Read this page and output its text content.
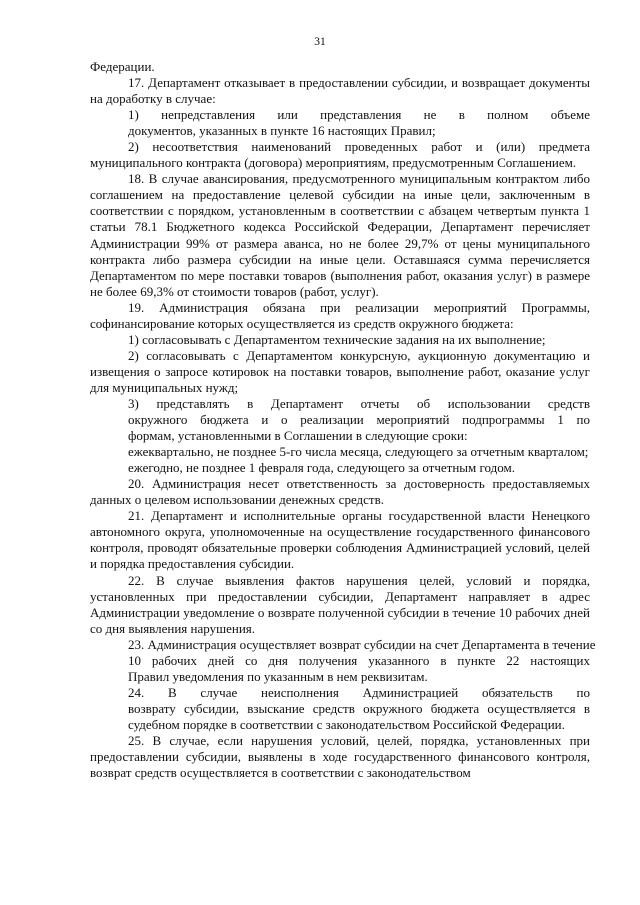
31
Федерации.
17. Департамент отказывает в предоставлении субсидии, и возвращает документы на доработку в случае:
1) непредставления или представления не в полном объеме
документов, указанных в пункте 16 настоящих Правил;
2) несоответствия наименований проведенных работ и (или) предмета муниципального контракта (договора) мероприятиям, предусмотренным Соглашением.
18. В случае авансирования, предусмотренного муниципальным контрактом либо соглашением на предоставление целевой субсидии на иные цели, заключенным в соответствии с порядком, установленным в соответствии с абзацем четвертым пункта 1 статьи 78.1 Бюджетного кодекса Российской Федерации, Департамент перечисляет Администрации 99% от размера аванса, но не более 29,7% от цены муниципального контракта либо размера субсидии на иные цели. Оставшаяся сумма перечисляется Департаментом по мере поставки товаров (выполнения работ, оказания услуг) в размере не более 69,3% от стоимости товаров (работ, услуг).
19. Администрация обязана при реализации мероприятий Программы, софинансирование которых осуществляется из средств окружного бюджета:
1) согласовывать с Департаментом технические задания на их выполнение;
2) согласовывать с Департаментом конкурсную, аукционную документацию и извещения о запросе котировок на поставки товаров, выполнение работ, оказание услуг для муниципальных нужд;
3) представлять в Департамент отчеты об использовании средств
окружного бюджета и о реализации мероприятий подпрограммы 1 по
формам, установленными в Соглашении в следующие сроки:
ежеквартально, не позднее 5-го числа месяца, следующего за отчетным кварталом;
ежегодно, не позднее 1 февраля года, следующего за отчетным годом.
20. Администрация несет ответственность за достоверность предоставляемых данных о целевом использовании денежных средств.
21. Департамент и исполнительные органы государственной власти Ненецкого автономного округа, уполномоченные на осуществление государственного финансового контроля, проводят обязательные проверки соблюдения Администрацией условий, целей и порядка предоставления субсидии.
22. В случае выявления фактов нарушения целей, условий и порядка, установленных при предоставлении субсидии, Департамент направляет в адрес Администрации уведомление о возврате полученной субсидии в течение 10 рабочих дней со дня выявления нарушения.
23. Администрация осуществляет возврат субсидии на счет Департамента в течение
10 рабочих дней со дня получения указанного в пункте 22 настоящих
Правил уведомления по указанным в нем реквизитам.
24. В случае неисполнения Администрацией обязательств по
возврату субсидии, взыскание средств окружного бюджета осуществляется в
судебном порядке в соответствии с законодательством Российской Федерации.
25. В случае, если нарушения условий, целей, порядка, установленных при предоставлении субсидии, выявлены в ходе государственного финансового контроля, возврат средств осуществляется в соответствии с законодательством
